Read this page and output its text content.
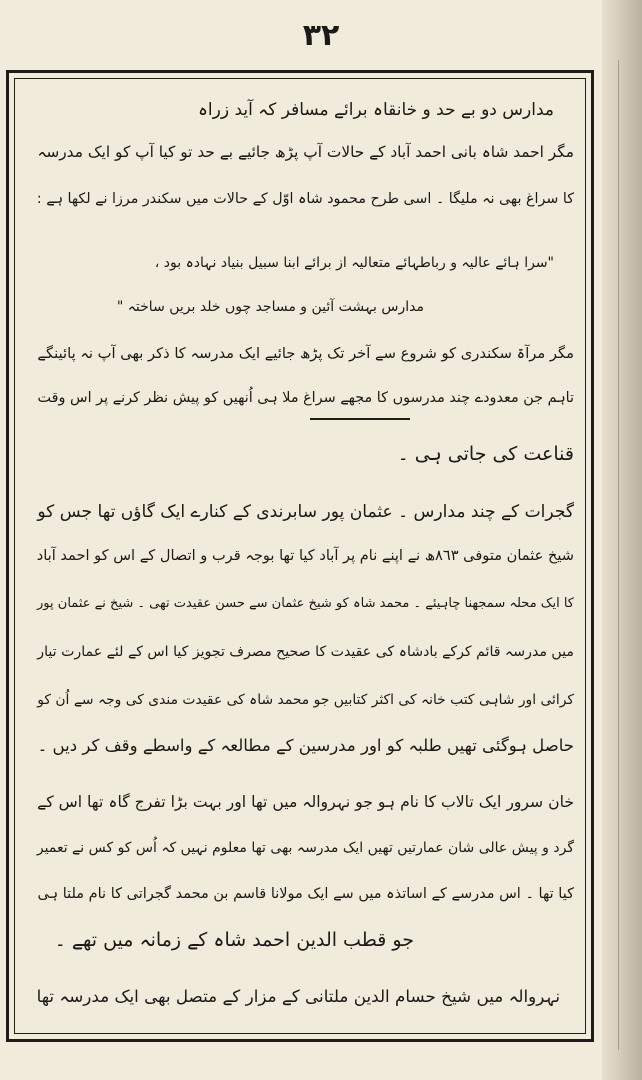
٣٢
مدارس دو بے حد و خانقاہ برائے مسافر کہ آید زراہ
مگر احمد شاہ بانی احمد آباد کے حالات آپ پڑھ جائیے بے حد تو کیا آپ کو ایک مدرسہ
کا سراغ بھی نہ ملیگا ۔ اسی طرح محمود شاہ اوّل کے حالات میں سکندر مرزا نے لکھا ہے :
"سرا ہائے عالیہ و رباطہائے متعالیہ از برائے ابنا سبیل بنیاد نہادہ بود ،
مدارس بہشت آئین و مساجد چوں خلد بریں ساختہ "
مگر مرآۃ سکندری کو شروع سے آخر تک پڑھ جائیے ایک مدرسہ کا ذکر بھی آپ نہ پائینگے
تاہم جن معدودے چند مدرسوں کا مجھے سراغ ملا ہی اُنھیں کو پیش نظر کرنے پر اس وقت
قناعت کی جاتی ہی ۔
گجرات کے چند مدارس ۔ عثمان پور سابرندی کے کنارے ایک گاؤں تھا جس کو
شیخ عثمان متوفی ٨٦٣ھ نے اپنے نام پر آباد کیا تھا بوجہ قرب و اتصال کے اس کو احمد آباد
کا ایک محلہ سمجھنا چاہیئے ۔ محمد شاہ کو شیخ عثمان سے حسن عقیدت تھی ۔ شیخ نے عثمان پور
میں مدرسہ قائم کرکے بادشاہ کی عقیدت کا صحیح مصرف تجویز کیا اس کے لئے عمارت تیار
کرائی اور شاہی کتب خانہ کی اکثر کتابیں جو محمد شاہ کی عقیدت مندی کی وجہ سے اُن کو
حاصل ہوگئی تھیں طلبہ کو اور مدرسین کے مطالعہ کے واسطے وقف کر دیں ۔
خان سرور ایک تالاب کا نام ہو جو نہروالہ میں تھا اور بہت بڑا تفرج گاہ تھا اس کے
گرد و پیش عالی شان عمارتیں تھیں ایک مدرسہ بھی تھا معلوم نہیں کہ اُس کو کس نے تعمیر
کیا تھا ۔ اس مدرسے کے اساتذہ میں سے ایک مولانا قاسم بن محمد گجراتی کا نام ملتا ہی
جو قطب الدین احمد شاہ کے زمانہ میں تھے ۔
نہروالہ میں شیخ حسام الدین ملتانی کے مزار کے متصل بھی ایک مدرسہ تھا
